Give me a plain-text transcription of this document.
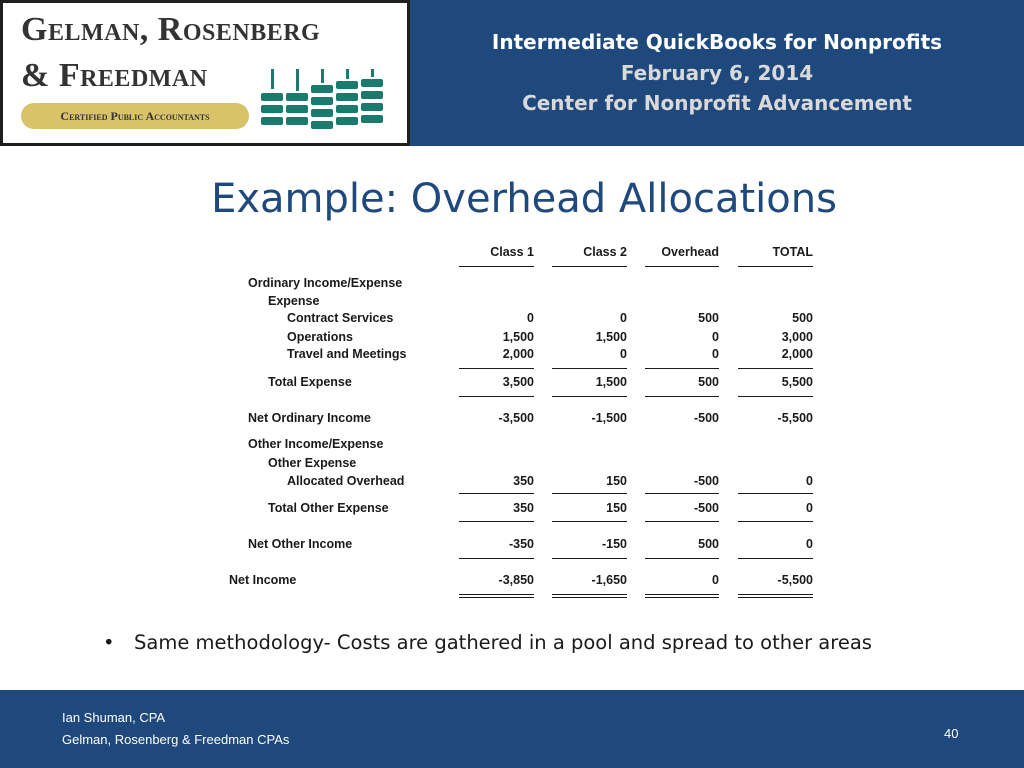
Gelman, Rosenberg
& Freedman
Certified Public Accountants
Intermediate QuickBooks for Nonprofits
February 6, 2014
Center for Nonprofit Advancement
Example: Overhead Allocations
Class 1	Class 2	Overhead	TOTAL
Ordinary Income/Expense
Expense
Contract Services	0	0	500	500
Operations	1,500	1,500	0	3,000
Travel and Meetings	2,000	0	0	2,000
Total Expense	3,500	1,500	500	5,500
Net Ordinary Income	-3,500	-1,500	-500	-5,500
Other Income/Expense
Other Expense
Allocated Overhead	350	150	-500	0
Total Other Expense	350	150	-500	0
Net Other Income	-350	-150	500	0
Net Income	-3,850	-1,650	0	-5,500
• Same methodology- Costs are gathered in a pool and spread to other areas
Ian Shuman, CPA
Gelman, Rosenberg & Freedman CPAs	40
